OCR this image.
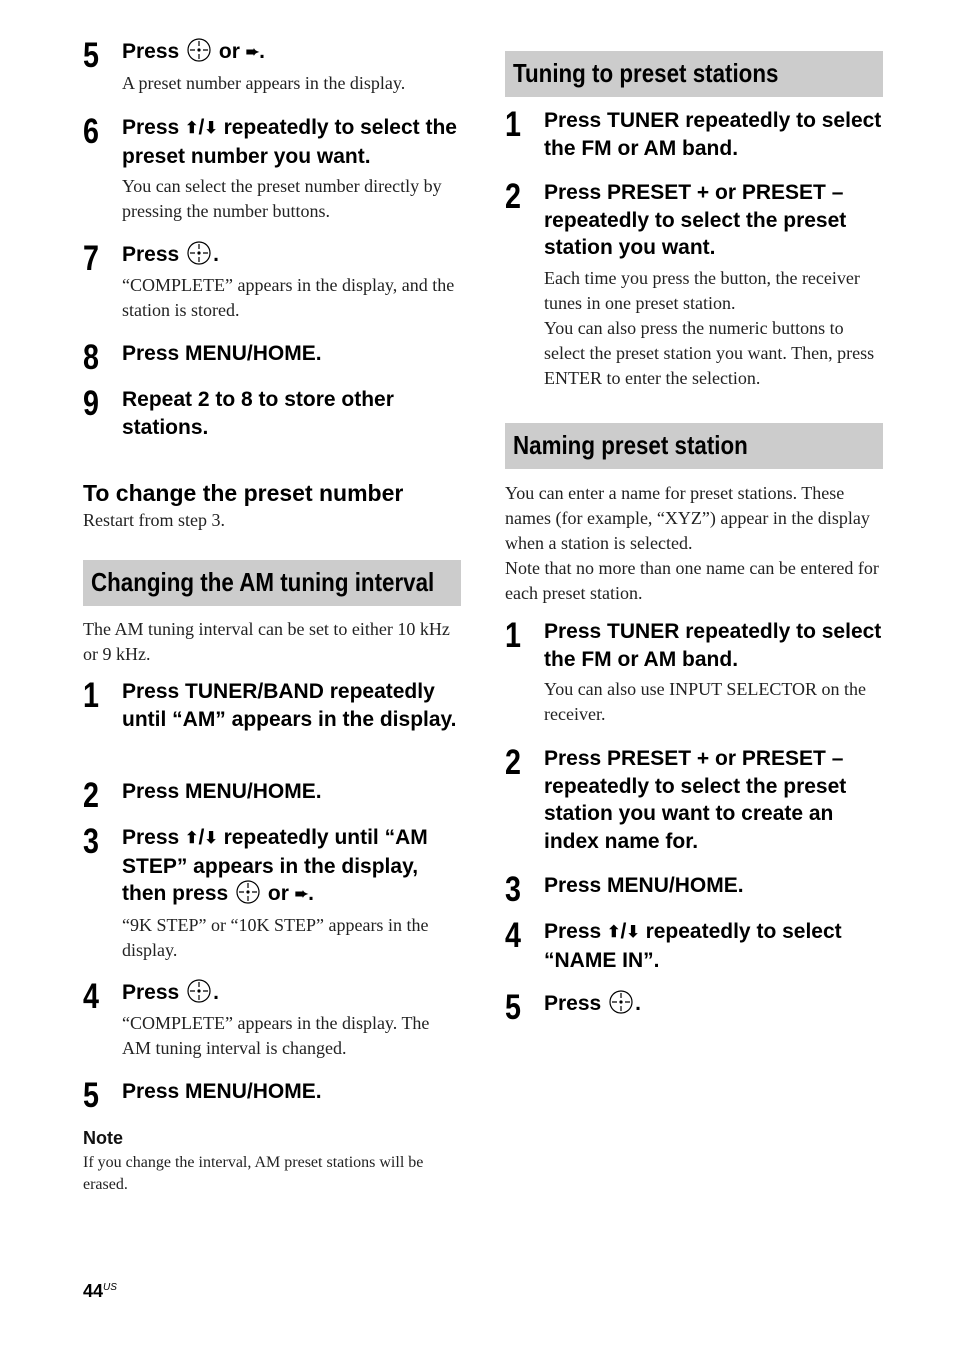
5 Press or ➨.
A preset number appears in the display.
6 Press ⬆/⬇ repeatedly to select the preset number you want.
You can select the preset number directly by pressing the number buttons.
7 Press .
“COMPLETE” appears in the display, and the station is stored.
8 Press MENU/HOME.
9 Repeat 2 to 8 to store other stations.
To change the preset number
Restart from step 3.
Changing the AM tuning interval
The AM tuning interval can be set to either 10 kHz or 9 kHz.
1 Press TUNER/BAND repeatedly until “AM” appears in the display.
2 Press MENU/HOME.
3 Press ⬆/⬇ repeatedly until “AM STEP” appears in the display, then press or ➨.
“9K STEP” or “10K STEP” appears in the display.
4 Press .
“COMPLETE” appears in the display. The AM tuning interval is changed.
5 Press MENU/HOME.
Note
If you change the interval, AM preset stations will be erased.
Tuning to preset stations
1 Press TUNER repeatedly to select the FM or AM band.
2 Press PRESET + or PRESET – repeatedly to select the preset station you want.
Each time you press the button, the receiver tunes in one preset station.
You can also press the numeric buttons to select the preset station you want. Then, press ENTER to enter the selection.
Naming preset station
You can enter a name for preset stations. These names (for example, “XYZ”) appear in the display when a station is selected.
Note that no more than one name can be entered for each preset station.
1 Press TUNER repeatedly to select the FM or AM band.
You can also use INPUT SELECTOR on the receiver.
2 Press PRESET + or PRESET – repeatedly to select the preset station you want to create an index name for.
3 Press MENU/HOME.
4 Press ⬆/⬇ repeatedly to select “NAME IN”.
5 Press .
$44^{US}$
